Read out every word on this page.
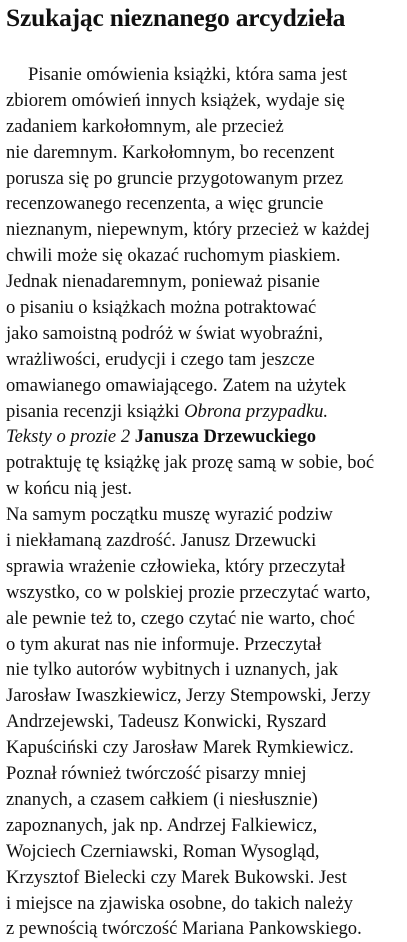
Szukając nieznanego arcydzieła
Pisanie omówienia książki, która sama jest
zbiorem omówień innych książek, wydaje się
zadaniem karkołomnym, ale przecież
nie daremnym. Karkołomnym, bo recenzent
porusza się po gruncie przygotowanym przez
recenzowanego recenzenta, a więc gruncie
nieznanym, niepewnym, który przecież w każdej
chwili może się okazać ruchomym piaskiem.
Jednak nienadaremnym, ponieważ pisanie
o pisaniu o książkach można potraktować
jako samoistną podróż w świat wyobraźni,
wrażliwości, erudycji i czego tam jeszcze
omawianego omawiającego. Zatem na użytek
pisania recenzji książki Obrona przypadku.
Teksty o prozie 2 Janusza Drzewuckiego
potraktuję tę książkę jak prozę samą w sobie, boć
w końcu nią jest.
Na samym początku muszę wyrazić podziw
i niekłamaną zazdrość. Janusz Drzewucki
sprawia wrażenie człowieka, który przeczytał
wszystko, co w polskiej prozie przeczytać warto,
ale pewnie też to, czego czytać nie warto, choć
o tym akurat nas nie informuje. Przeczytał
nie tylko autorów wybitnych i uznanych, jak
Jarosław Iwaszkiewicz, Jerzy Stempowski, Jerzy
Andrzejewski, Tadeusz Konwicki, Ryszard
Kapuściński czy Jarosław Marek Rymkiewicz.
Poznał również twórczość pisarzy mniej
znanych, a czasem całkiem (i niesłusznie)
zapoznanych, jak np. Andrzej Falkiewicz,
Wojciech Czerniawski, Roman Wysogląd,
Krzysztof Bielecki czy Marek Bukowski. Jest
i miejsce na zjawiska osobne, do takich należy
z pewnością twórczość Mariana Pankowskiego.
